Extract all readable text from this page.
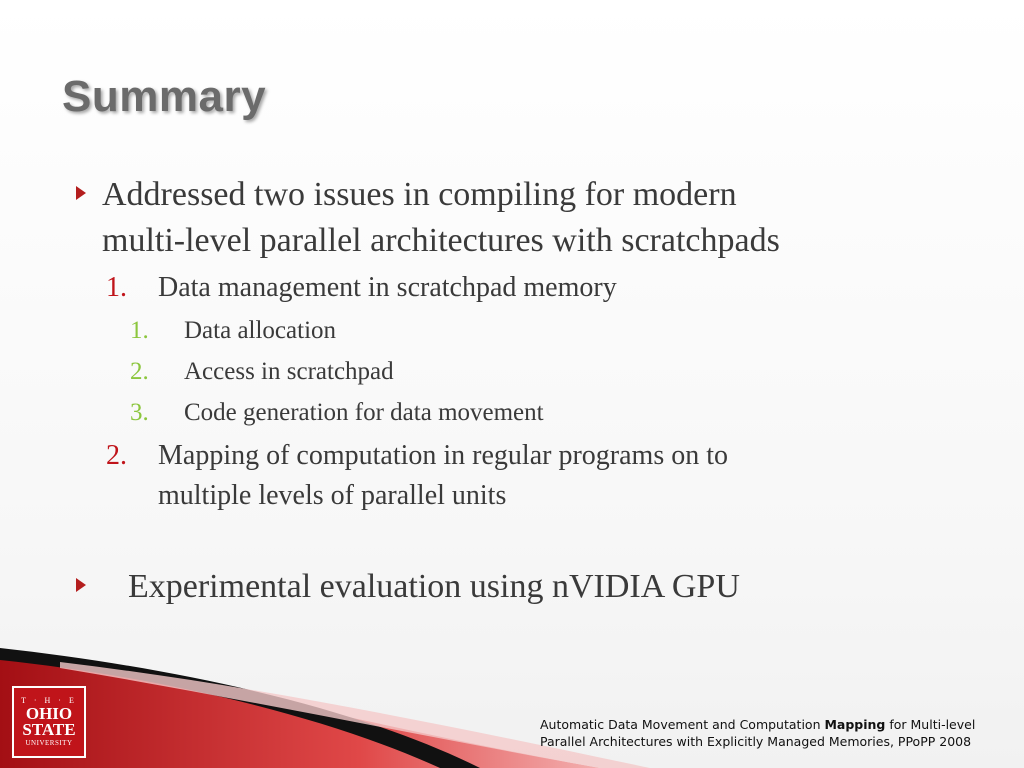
Summary
Addressed two issues in compiling for modern
multi-level parallel architectures with scratchpads
1.	Data management in scratchpad memory
1.	Data allocation
2.	Access in scratchpad
3.	Code generation for data movement
2.	Mapping of computation in regular programs on to
multiple levels of parallel units
Experimental evaluation using nVIDIA GPU
T · H · E
OHIO
STATE
UNIVERSITY
Automatic Data Movement and Computation Mapping for Multi-level
Parallel Architectures with Explicitly Managed Memories, PPoPP 2008
